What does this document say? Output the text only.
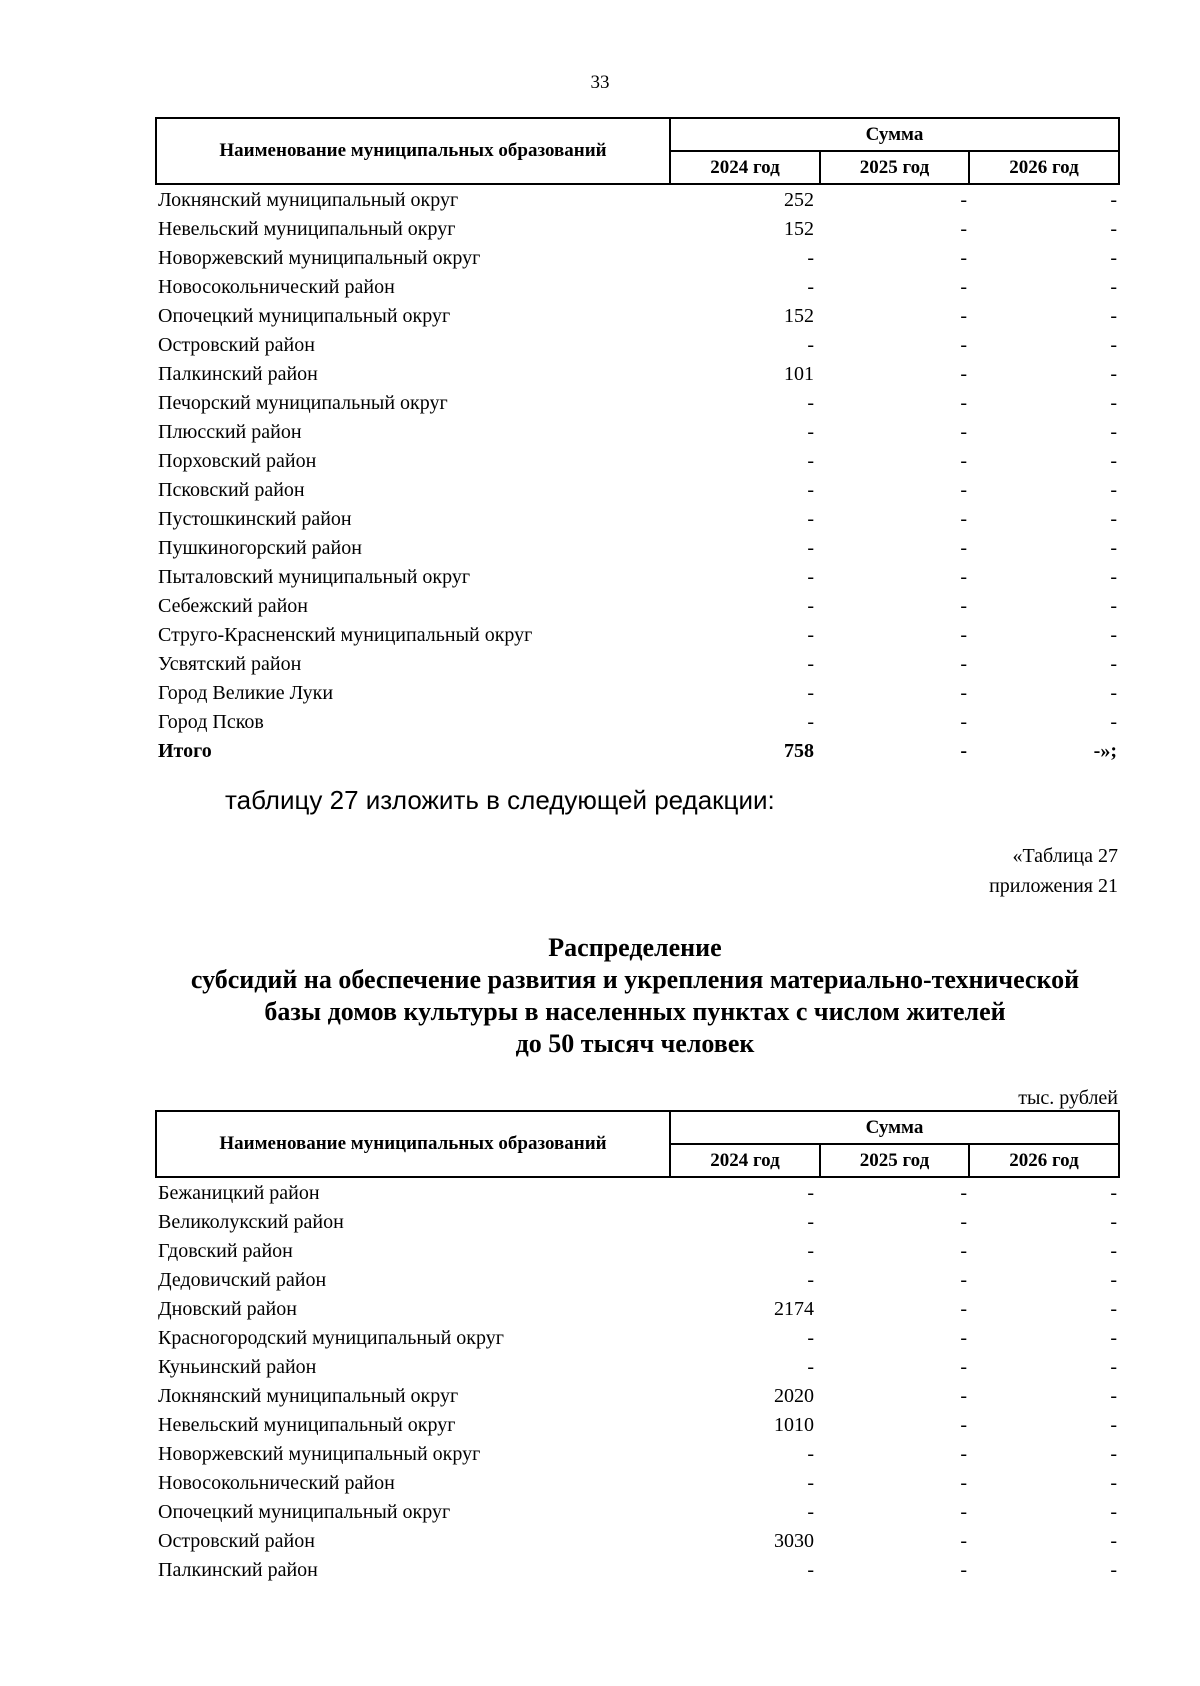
33
Наименование муниципальных образований	Сумма		
	2024 год	2025 год	2026 год
Локнянский муниципальный округ	252	-	-
Невельский муниципальный округ	152	-	-
Новоржевский муниципальный округ	-	-	-
Новосокольнический район	-	-	-
Опочецкий муниципальный округ	152	-	-
Островский район	-	-	-
Палкинский район	101	-	-
Печорский муниципальный округ	-	-	-
Плюсский район	-	-	-
Порховский район	-	-	-
Псковский район	-	-	-
Пустошкинский район	-	-	-
Пушкиногорский район	-	-	-
Пыталовский муниципальный округ	-	-	-
Себежский район	-	-	-
Струго-Красненский муниципальный округ	-	-	-
Усвятский район	-	-	-
Город Великие Луки	-	-	-
Город Псков	-	-	-
Итого	758	-	-»;
таблицу 27 изложить в следующей редакции:
«Таблица 27
приложения 21
Распределение
субсидий на обеспечение развития и укрепления материально-технической
базы домов культуры в населенных пунктах с числом жителей
до 50 тысяч человек
тыс. рублей
Наименование муниципальных образований	Сумма		
	2024 год	2025 год	2026 год
Бежаницкий район	-	-	-
Великолукский район	-	-	-
Гдовский район	-	-	-
Дедовичский район	-	-	-
Дновский район	2174	-	-
Красногородский муниципальный округ	-	-	-
Куньинский район	-	-	-
Локнянский муниципальный округ	2020	-	-
Невельский муниципальный округ	1010	-	-
Новоржевский муниципальный округ	-	-	-
Новосокольнический район	-	-	-
Опочецкий муниципальный округ	-	-	-
Островский район	3030	-	-
Палкинский район	-	-	-
